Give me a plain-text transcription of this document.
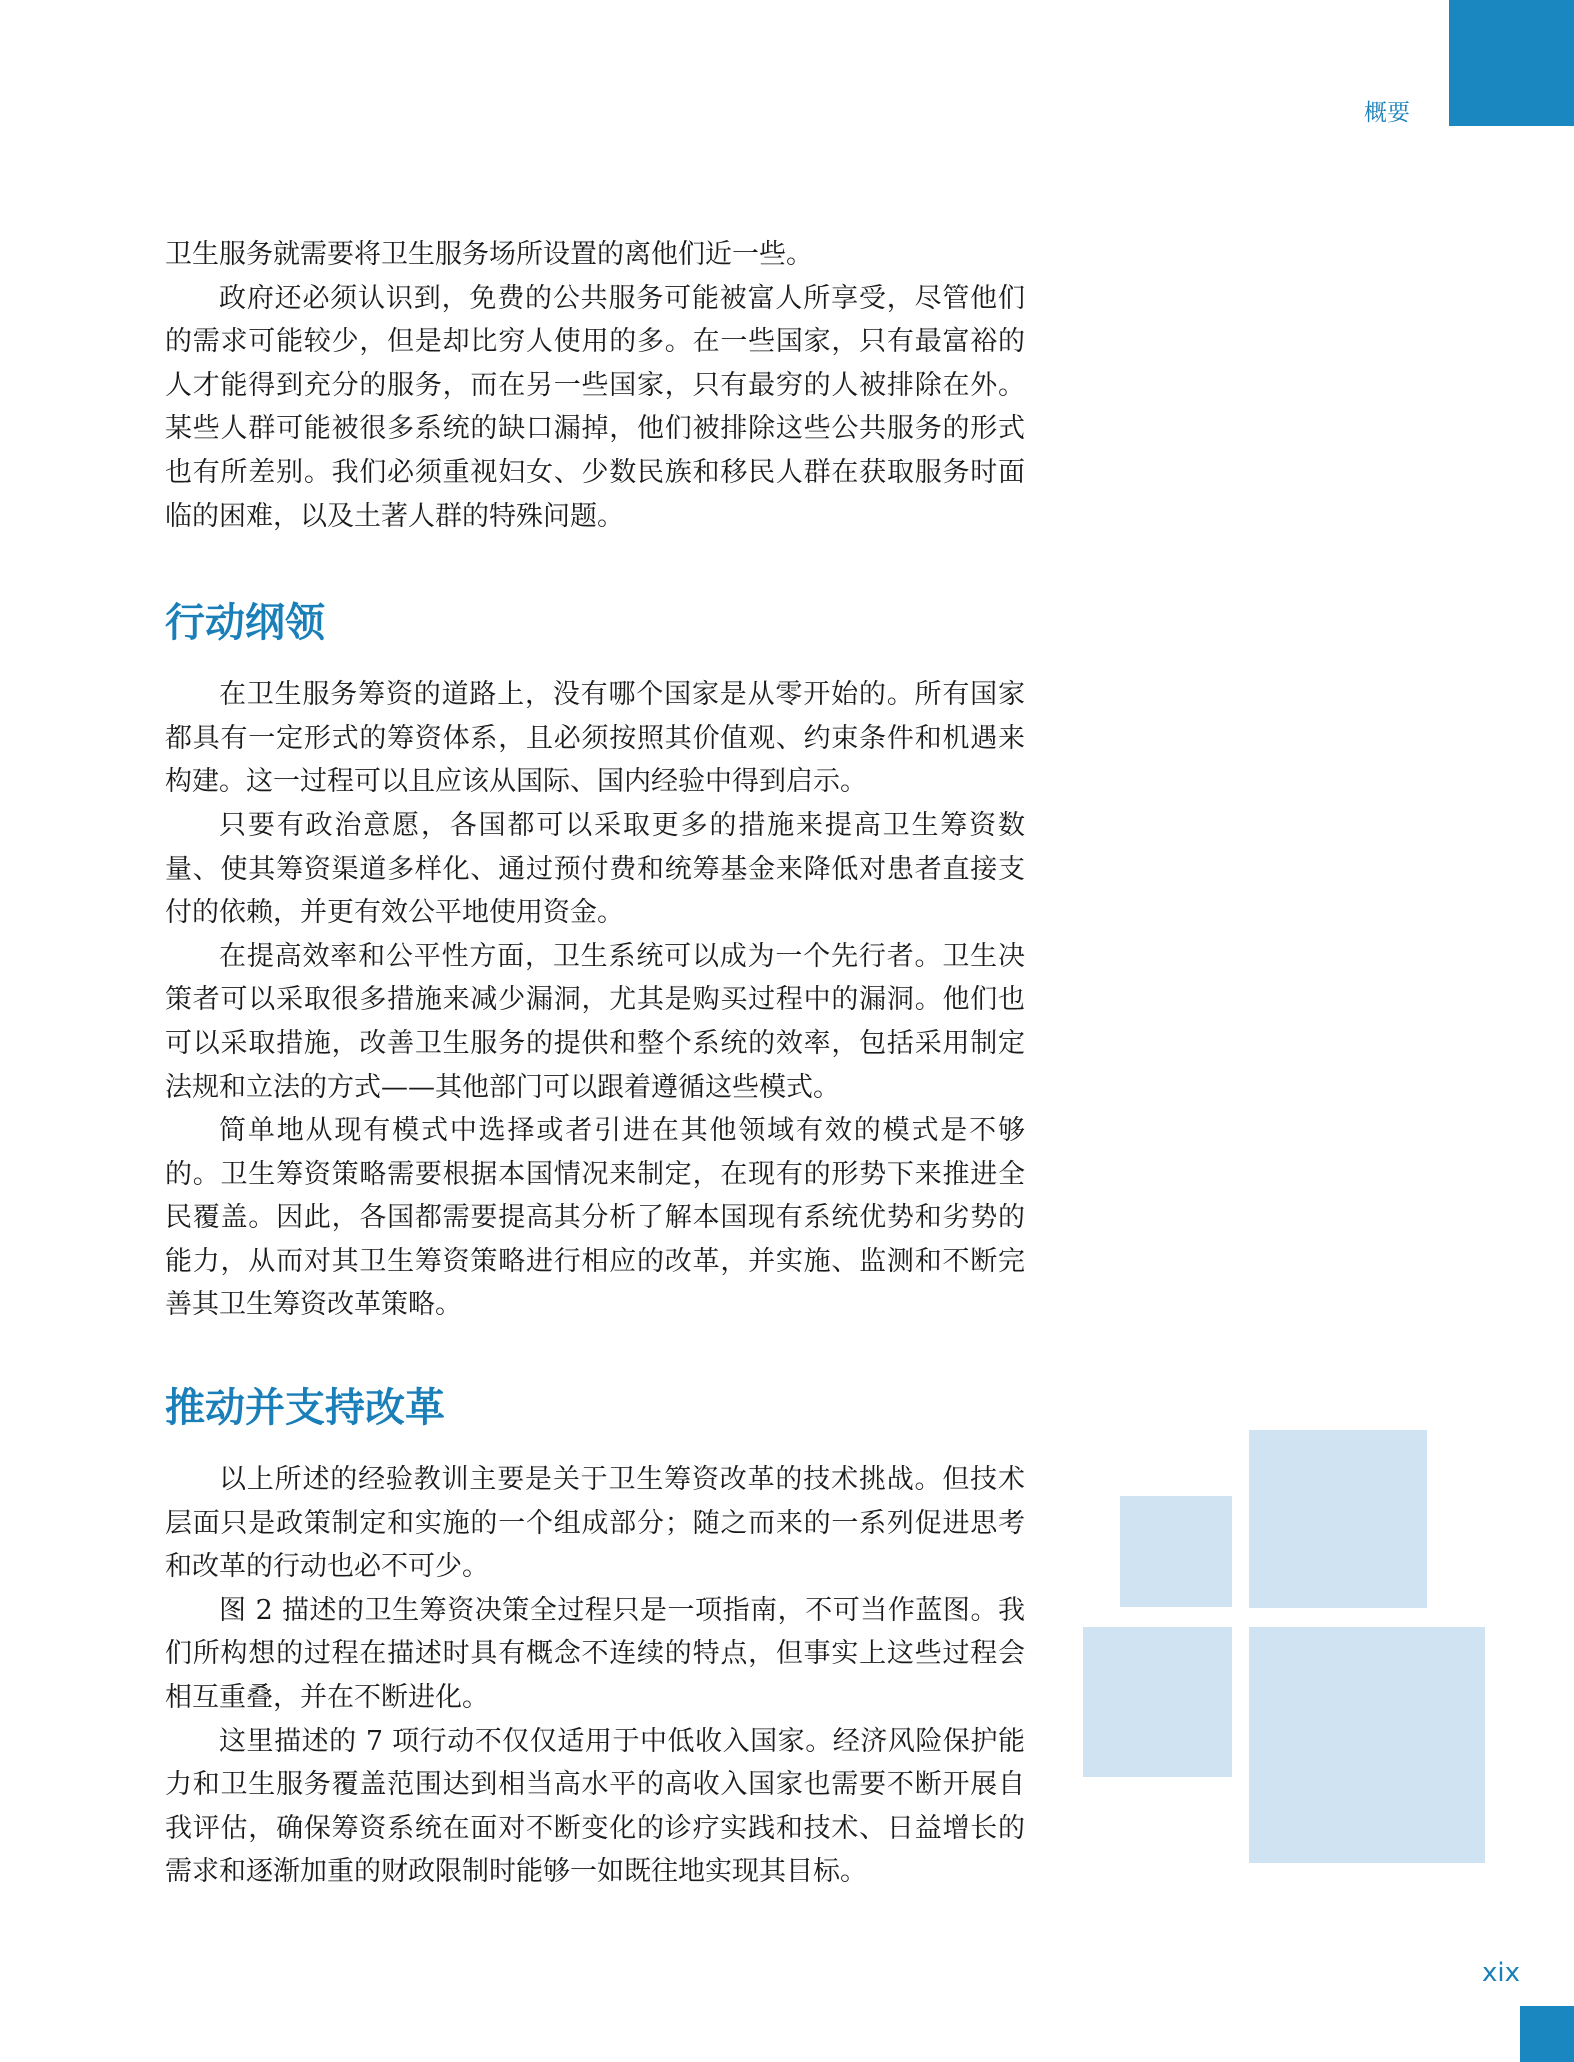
概要

卫生服务就需要将卫生服务场所设置的离他们近一些。

政府还必须认识到，免费的公共服务可能被富人所享受，尽管他们的需求可能较少，但是却比穷人使用的多。在一些国家，只有最富裕的人才能得到充分的服务，而在另一些国家，只有最穷的人被排除在外。某些人群可能被很多系统的缺口漏掉，他们被排除这些公共服务的形式也有所差别。我们必须重视妇女、少数民族和移民人群在获取服务时面临的困难，以及土著人群的特殊问题。

行动纲领

在卫生服务筹资的道路上，没有哪个国家是从零开始的。所有国家都具有一定形式的筹资体系，且必须按照其价值观、约束条件和机遇来构建。这一过程可以且应该从国际、国内经验中得到启示。

只要有政治意愿，各国都可以采取更多的措施来提高卫生筹资数量、使其筹资渠道多样化、通过预付费和统筹基金来降低对患者直接支付的依赖，并更有效公平地使用资金。

在提高效率和公平性方面，卫生系统可以成为一个先行者。卫生决策者可以采取很多措施来减少漏洞，尤其是购买过程中的漏洞。他们也可以采取措施，改善卫生服务的提供和整个系统的效率，包括采用制定法规和立法的方式——其他部门可以跟着遵循这些模式。

简单地从现有模式中选择或者引进在其他领域有效的模式是不够的。卫生筹资策略需要根据本国情况来制定，在现有的形势下来推进全民覆盖。因此，各国都需要提高其分析了解本国现有系统优势和劣势的能力，从而对其卫生筹资策略进行相应的改革，并实施、监测和不断完善其卫生筹资改革策略。

推动并支持改革

以上所述的经验教训主要是关于卫生筹资改革的技术挑战。但技术层面只是政策制定和实施的一个组成部分；随之而来的一系列促进思考和改革的行动也必不可少。

图 2 描述的卫生筹资决策全过程只是一项指南，不可当作蓝图。我们所构想的过程在描述时具有概念不连续的特点，但事实上这些过程会相互重叠，并在不断进化。

这里描述的 7 项行动不仅仅适用于中低收入国家。经济风险保护能力和卫生服务覆盖范围达到相当高水平的高收入国家也需要不断开展自我评估，确保筹资系统在面对不断变化的诊疗实践和技术、日益增长的需求和逐渐加重的财政限制时能够一如既往地实现其目标。

xix
